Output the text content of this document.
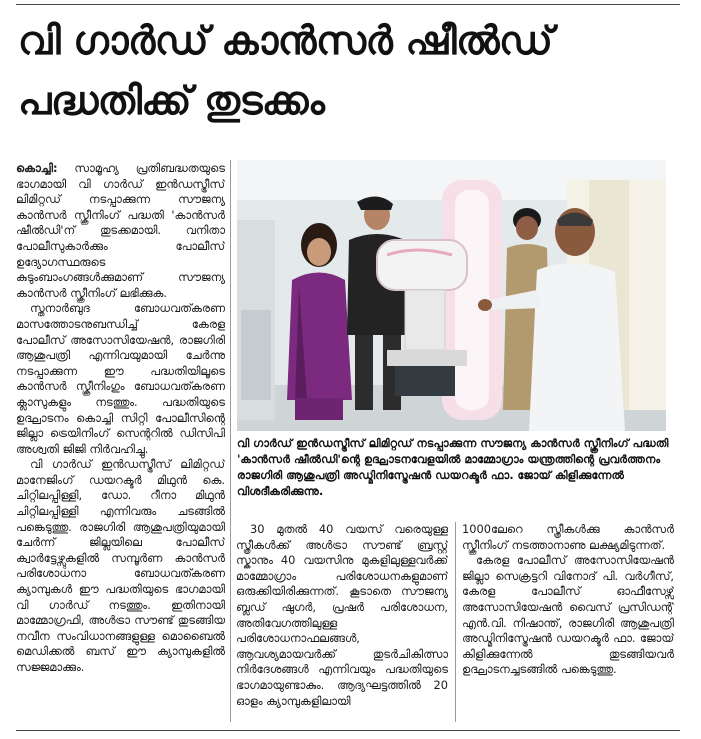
വി ഗാർഡ് കാൻസർ ഷീൽഡ് പദ്ധതിക്ക് തുടക്കം

കൊച്ചി: സാമൂഹ്യ പ്രതിബദ്ധതയുടെ ഭാഗമായി വി ഗാർഡ് ഇൻഡസ്ട്രീസ് ലിമിറ്റഡ് നടപ്പാക്കുന്ന സൗജന്യ കാൻസർ സ്ക്രീനിംഗ് പദ്ധതി 'കാൻസർ ഷീൽഡി'ന് തുടക്കമായി. വനിതാ പോലീസുകാർക്കും പോലീസ് ഉദ്യോഗസ്ഥരുടെ കുടുംബാംഗങ്ങൾക്കുമാണ് സൗജന്യ കാൻസർ സ്ക്രീനിംഗ് ലഭിക്കുക.

സ്തനാർബുദ ബോധവത്കരണ മാസത്തോടനുബന്ധിച്ച് കേരള പോലീസ് അസോസിയേഷൻ, രാജഗിരി ആശുപത്രി എന്നിവയുമായി ചേർന്നു നടപ്പാക്കുന്ന ഈ പദ്ധതിയിലൂടെ കാൻസർ സ്ക്രീനിംഗും ബോധവത്കരണ ക്ലാസുകളും നടത്തും. പദ്ധതിയുടെ ഉദ്ഘാടനം കൊച്ചി സിറ്റി പോലീസിന്റെ ജില്ലാ ട്രെയിനിംഗ് സെന്ററിൽ ഡിസിപി അശ്വതി ജിജി നിർവഹിച്ചു.

വി ഗാർഡ് ഇൻഡസ്ട്രീസ് ലിമിറ്റഡ് മാനേജിംഗ് ഡയറക്ടർ മിഥുൻ കെ. ചിറ്റിലപ്പിള്ളി, ഡോ. റീനാ മിഥുൻ ചിറ്റിലപ്പിള്ളി എന്നിവരും ചടങ്ങിൽ പങ്കെടുത്തു. രാജഗിരി ആശുപത്രിയുമായി ചേർന്ന് ജില്ലയിലെ പോലീസ് ക്വാർട്ടേഴ്സുകളിൽ സമ്പൂർണ കാൻസർ പരിശോധനാ ബോധവത്കരണ ക്യാമ്പുകൾ ഈ പദ്ധതിയുടെ ഭാഗമായി വി ഗാർഡ് നടത്തും. ഇതിനായി മാമ്മോഗ്രഫി, അൾട്രാ സൗണ്ട് തുടങ്ങിയ നവീന സംവിധാനങ്ങളുള്ള മൊബൈൽ മെഡിക്കൽ ബസ് ഈ ക്യാമ്പുകളിൽ സജ്ജമാക്കും.

വി ഗാർഡ് ഇൻഡസ്ട്രീസ് ലിമിറ്റഡ് നടപ്പാക്കുന്ന സൗജന്യ കാൻസർ സ്ക്രീനിംഗ് പദ്ധതി 'കാൻസർ ഷീൽഡി'ന്റെ ഉദ്ഘാടനവേളയിൽ മാമ്മോഗ്രാം യന്ത്രത്തിന്റെ പ്രവർത്തനം രാജഗിരി ആശുപത്രി അഡ്മിനിസ്ട്രേഷൻ ഡയറക്ടർ ഫാ. ജോയ് കിളിക്കുന്നേൽ വിശദീകരിക്കുന്നു.

30 മുതൽ 40 വയസ് വരെയുള്ള സ്ത്രീകൾക്ക് അൾട്രാ സൗണ്ട് ബ്രസ്റ്റ് സ്കാനും 40 വയസിനു മുകളിലുള്ളവർക്ക് മാമ്മോഗ്രാം പരിശോധനകളുമാണ് ഒരുക്കിയിരിക്കുന്നത്. കൂടാതെ സൗജന്യ ബ്ലഡ് ഷുഗർ, പ്രഷർ പരിശോധന, അതിവേഗത്തിലുള്ള പരിശോധനാഫലങ്ങൾ, ആവശ്യമായവർക്ക് തുടർചികിത്സാ നിർദേശങ്ങൾ എന്നിവയും പദ്ധതിയുടെ ഭാഗമായുണ്ടാകും. ആദ്യഘട്ടത്തിൽ 20 ഓളം ക്യാമ്പുകളിലായി

1000ലേറെ സ്ത്രീകൾക്കു കാൻസർ സ്ക്രീനിംഗ് നടത്താനാണു ലക്ഷ്യമിടുന്നത്.

കേരള പോലീസ് അസോസിയേഷൻ ജില്ലാ സെക്രട്ടറി വിനോദ് പി. വർഗീസ്, കേരള പോലീസ് ഓഫീസേഴ്സ് അസോസിയേഷൻ വൈസ് പ്രസിഡന്റ് എൻ.വി. നിഷാന്ത്, രാജഗിരി ആശുപത്രി അഡ്മിനിസ്ട്രേഷൻ ഡയറക്ടർ ഫാ. ജോയ് കിളിക്കുന്നേൽ തുടങ്ങിയവർ ഉദ്ഘാടനച്ചടങ്ങിൽ പങ്കെടുത്തു.
